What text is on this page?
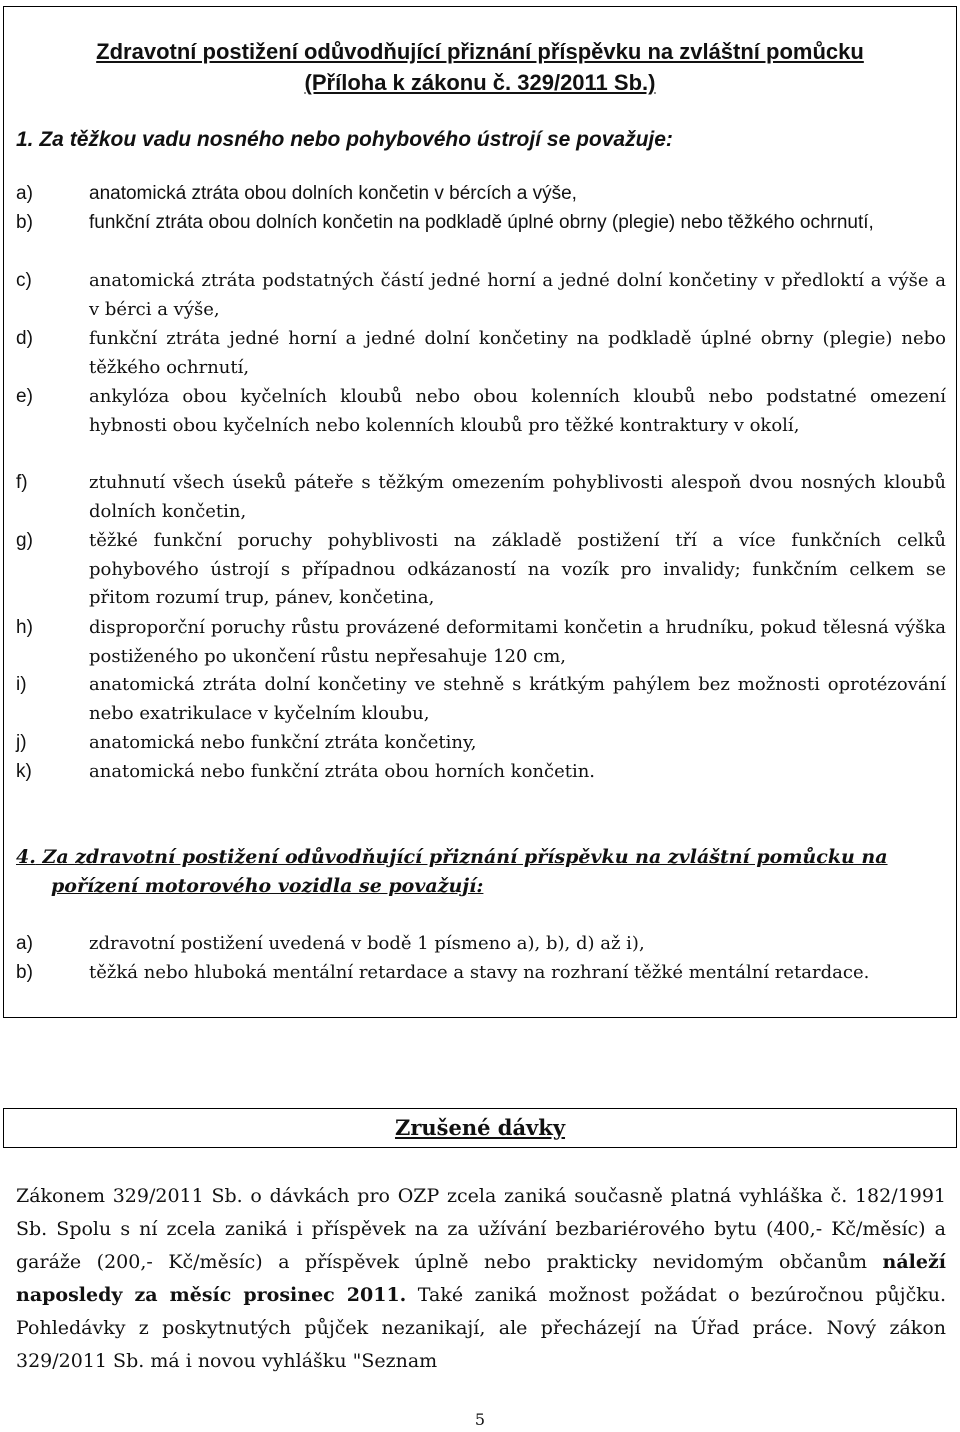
Zdravotní postižení odůvodňující přiznání příspěvku na zvláštní pomůcku
(Příloha k zákonu č. 329/2011 Sb.)
1. Za těžkou vadu nosného nebo pohybového ústrojí se považuje:
a)	anatomická ztráta obou dolních končetin v bércích a výše,
b)	funkční ztráta obou dolních končetin na podkladě úplné obrny (plegie) nebo těžkého ochrnutí,
c)	anatomická ztráta podstatných částí jedné horní a jedné dolní končetiny v předloktí a výše a v bérci a výše,
d)	funkční ztráta jedné horní a jedné dolní končetiny na podkladě úplné obrny (plegie) nebo těžkého ochrnutí,
e)	ankylóza obou kyčelních kloubů nebo obou kolenních kloubů nebo podstatné omezení hybnosti obou kyčelních nebo kolenních kloubů pro těžké kontraktury v okolí,
f)	ztuhnutí všech úseků páteře s těžkým omezením pohyblivosti alespoň dvou nosných kloubů dolních končetin,
g)	těžké funkční poruchy pohyblivosti na základě postižení tří a více funkčních celků pohybového ústrojí s případnou odkázaností na vozík pro invalidy; funkčním celkem se přitom rozumí trup, pánev, končetina,
h)	disproporční poruchy růstu provázené deformitami končetin a hrudníku, pokud tělesná výška postiženého po ukončení růstu nepřesahuje 120 cm,
i)	anatomická ztráta dolní končetiny ve stehně s krátkým pahýlem bez možnosti oprotézování nebo exatrikulace v kyčelním kloubu,
j)	anatomická nebo funkční ztráta končetiny,
k)	anatomická nebo funkční ztráta obou horních končetin.
4. Za zdravotní postižení odůvodňující přiznání příspěvku na zvláštní pomůcku na
pořízení motorového vozidla se považují:
a)	zdravotní postižení uvedená v bodě 1 písmeno a), b), d) až i),
b)	těžká nebo hluboká mentální retardace a stavy na rozhraní těžké mentální retardace.
Zrušené dávky
Zákonem 329/2011 Sb. o dávkách pro OZP zcela zaniká současně platná vyhláška č. 182/1991 Sb. Spolu s ní zcela zaniká i příspěvek na za užívání bezbariérového bytu (400,- Kč/měsíc) a garáže (200,- Kč/měsíc) a příspěvek úplně nebo prakticky nevidomým občanům náleží naposledy za měsíc prosinec 2011. Také zaniká možnost požádat o bezúročnou půjčku. Pohledávky z poskytnutých půjček nezanikají, ale přecházejí na Úřad práce. Nový zákon 329/2011 Sb. má i novou vyhlášku "Seznam
5
